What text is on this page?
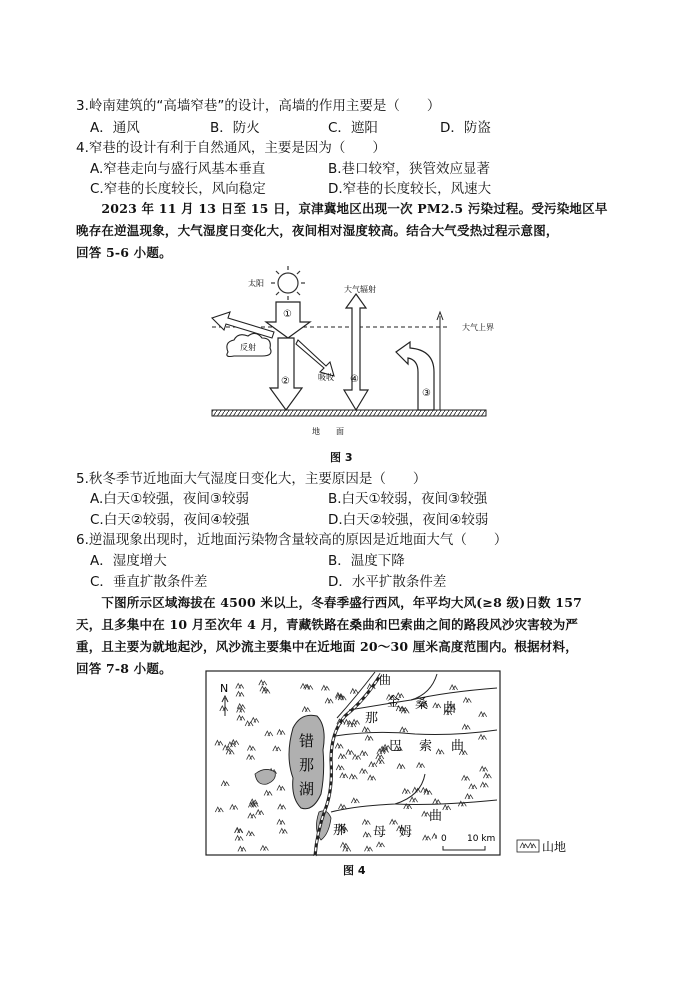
3.岭南建筑的“高墙窄巷”的设计，高墙的作用主要是（　　）
A．通风	B．防火	C．遮阳	D．防盗
4.窄巷的设计有利于自然通风，主要是因为（　　）
A.窄巷走向与盛行风基本垂直	B.巷口较窄，狭管效应显著
C.窄巷的长度较长，风向稳定	D.窄巷的长度较长，风速大
　　2023 年 11 月 13 日至 15 日，京津冀地区出现一次 PM2.5 污染过程。受污染地区早
晚存在逆温现象，大气湿度日变化大，夜间相对湿度较高。结合大气受热过程示意图，
回答 5-6 小题。
太阳
大气上界
①
反射
②	吸收
大气辐射
④
③
地　　面
图 3
5.秋冬季节近地面大气湿度日变化大，主要原因是（　　）
A.白天①较强，夜间③较弱	B.白天①较弱，夜间③较强
C.白天②较弱，夜间④较强	D.白天②较强，夜间④较弱
6.逆温现象出现时，近地面污染物含量较高的原因是近地面大气（　　）
A．湿度增大	B．温度下降
C．垂直扩散条件差	D．水平扩散条件差
　　下图所示区域海拔在 4500 米以上，冬春季盛行西风，年平均大风(≥8 级)日数 157
天，且多集中在 10 月至次年 4 月，青藏铁路在桑曲和巴索曲之间的路段风沙灾害较为严
重，且主要为就地起沙，风沙流主要集中在近地面 20～30 厘米高度范围内。根据材料，
回答 7-8 小题。
错
那
湖
曲
金 桑 曲
那
巴 索 曲
曲
母 姆
那
N
0 10 km
山地
图 4
